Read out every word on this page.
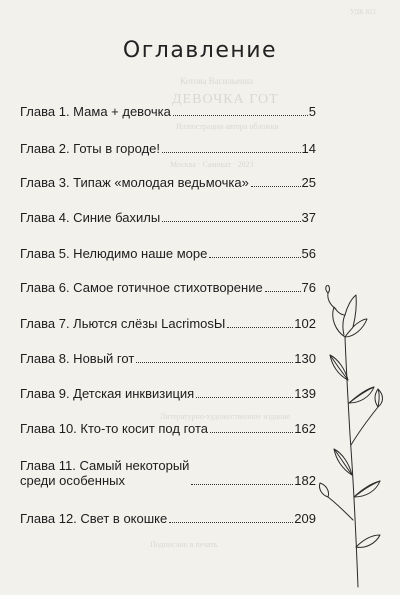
Котова Васильевна
ДЕВОЧКА ГОТ
Иллюстрации автора обложки
Москва · Самокат · 2023
Литературно-художественное издание
Подписано в печать
УДК 821
Оглавление
Глава 1. Мама + девочка	5
Глава 2. Готы в городе!	14
Глава 3. Типаж «молодая ведьмочка»	25
Глава 4. Синие бахилы	37
Глава 5. Нелюдимо наше море	56
Глава 6. Самое готичное стихотворение	76
Глава 7. Льются слёзы LacrimosЫ	102
Глава 8. Новый гот	130
Глава 9. Детская инквизиция	139
Глава 10. Кто-то косит под гота	162
Глава 11. Самый некоторый
среди особенных	182
Глава 12. Свет в окошке	209
